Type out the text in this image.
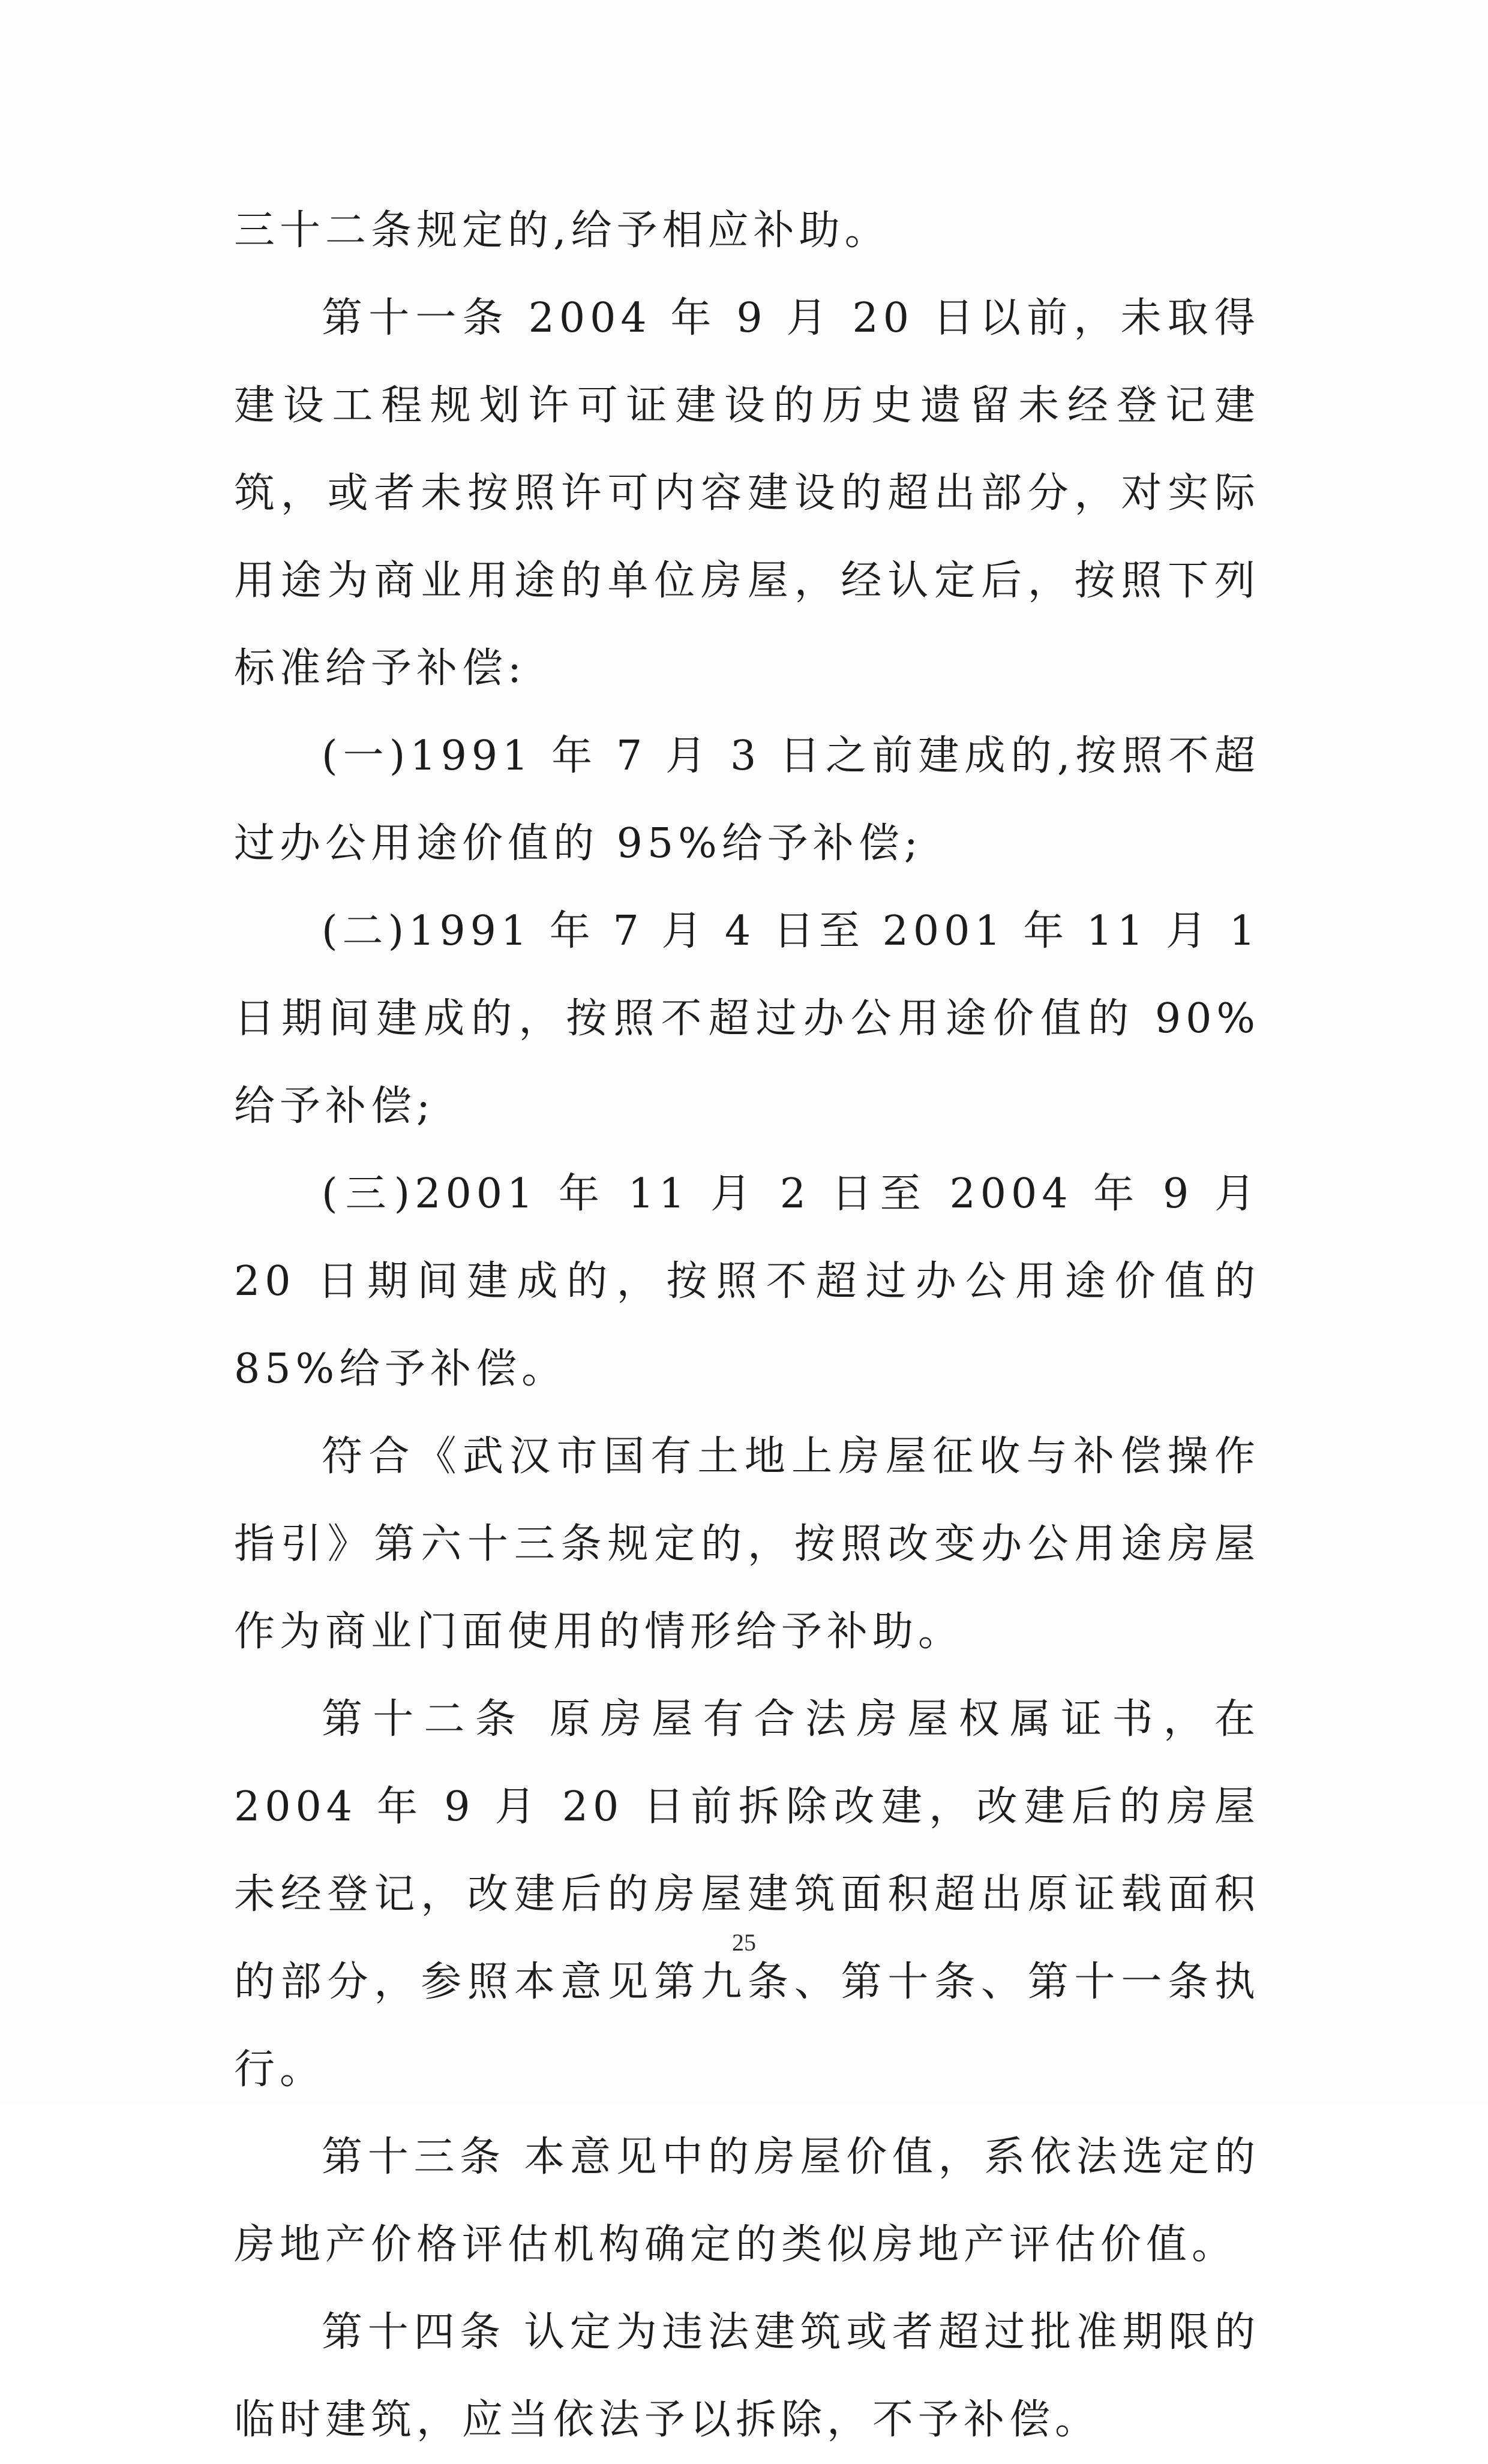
三十二条规定的,给予相应补助。

第十一条 2004 年 9 月 20 日以前，未取得建设工程规划许可证建设的历史遗留未经登记建筑，或者未按照许可内容建设的超出部分，对实际用途为商业用途的单位房屋，经认定后，按照下列标准给予补偿:

(一)1991 年 7 月 3 日之前建成的,按照不超过办公用途价值的 95%给予补偿;

(二)1991 年 7 月 4 日至 2001 年 11 月 1 日期间建成的，按照不超过办公用途价值的 90%给予补偿;

(三)2001 年 11 月 2 日至 2004 年 9 月 20 日期间建成的，按照不超过办公用途价值的 85%给予补偿。

符合《武汉市国有土地上房屋征收与补偿操作指引》第六十三条规定的，按照改变办公用途房屋作为商业门面使用的情形给予补助。

第十二条 原房屋有合法房屋权属证书，在 2004 年 9 月 20 日前拆除改建，改建后的房屋未经登记，改建后的房屋建筑面积超出原证载面积的部分，参照本意见第九条、第十条、第十一条执行。

第十三条 本意见中的房屋价值，系依法选定的房地产价格评估机构确定的类似房地产评估价值。

第十四条 认定为违法建筑或者超过批准期限的临时建筑，应当依法予以拆除，不予补偿。

25
